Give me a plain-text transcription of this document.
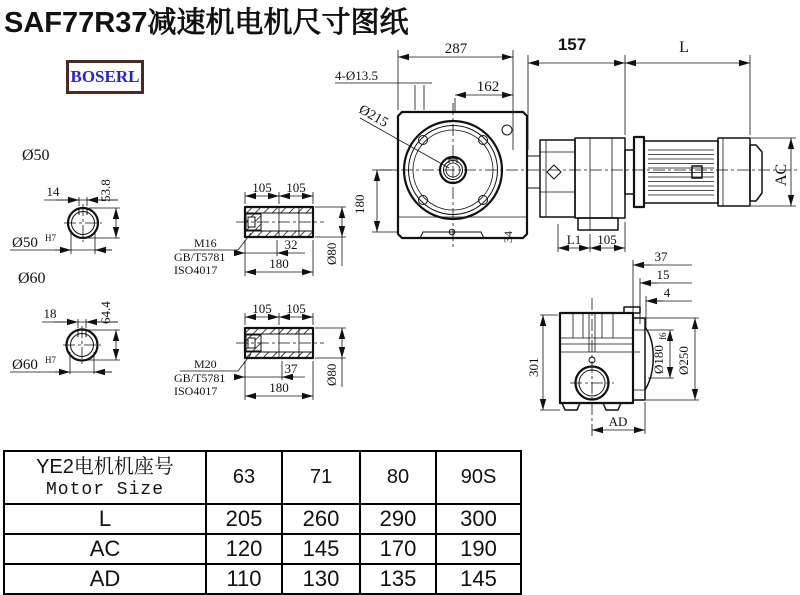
SAF77R37减速机电机尺寸图纸
BOSERL
Ø50
14	53.8
Ø50 H7
Ø60
18	64.4
Ø60 H7
105 105
Ø80
32
180
M16
GB/T5781
ISO4017
105 105
Ø80
37
180
M20
GB/T5781
ISO4017
Ø215
4-Ø13.5
287
162
157	L
180
34
AC
L1 105
301
37
15
4
Ø180
f6
Ø250
AD
YE2电机机座号
Motor Size	63	71	80	90S
L	205	260	290	300
AC	120	145	170	190
AD	110	130	135	145
